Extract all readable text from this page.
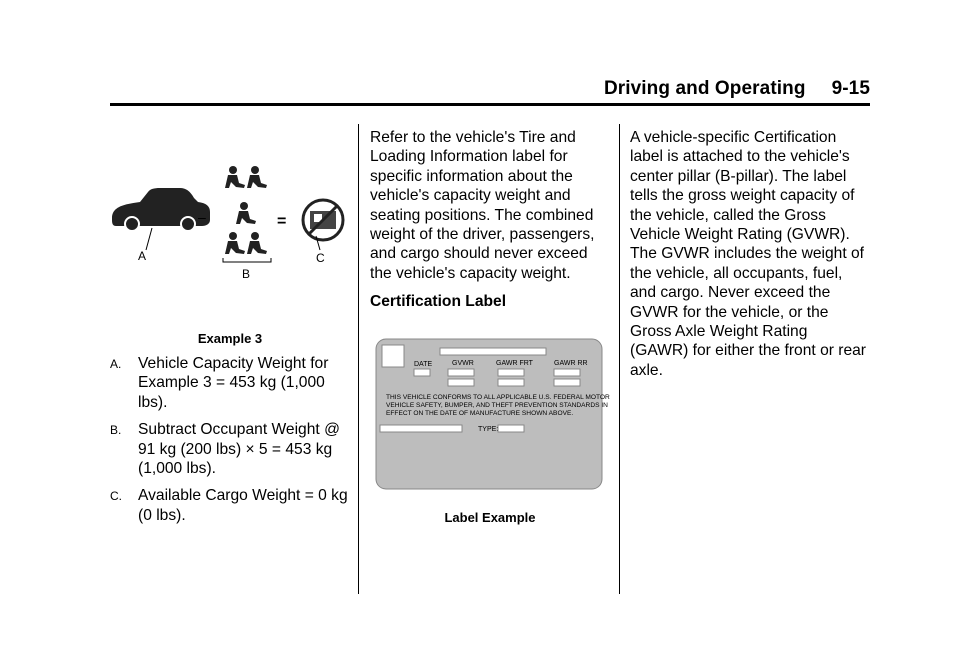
Driving and Operating 9-15
A
–
B
=
C

Example 3

A. Vehicle Capacity Weight for Example 3 = 453 kg (1,000 lbs).
B. Subtract Occupant Weight @ 91 kg (200 lbs) × 5 = 453 kg (1,000 lbs).
C. Available Cargo Weight = 0 kg (0 lbs).

Refer to the vehicle's Tire and Loading Information label for specific information about the vehicle's capacity weight and seating positions. The combined weight of the driver, passengers, and cargo should never exceed the vehicle's capacity weight.

Certification Label

DATE	GVWR	GAWR FRT	GAWR RR
THIS VEHICLE CONFORMS TO ALL APPLICABLE U.S. FEDERAL MOTOR
VEHICLE SAFETY, BUMPER, AND THEFT PREVENTION STANDARDS IN
EFFECT ON THE DATE OF MANUFACTURE SHOWN ABOVE.
TYPE:

Label Example

A vehicle-specific Certification label is attached to the vehicle's center pillar (B-pillar). The label tells the gross weight capacity of the vehicle, called the Gross Vehicle Weight Rating (GVWR). The GVWR includes the weight of the vehicle, all occupants, fuel, and cargo. Never exceed the GVWR for the vehicle, or the Gross Axle Weight Rating (GAWR) for either the front or rear axle.
